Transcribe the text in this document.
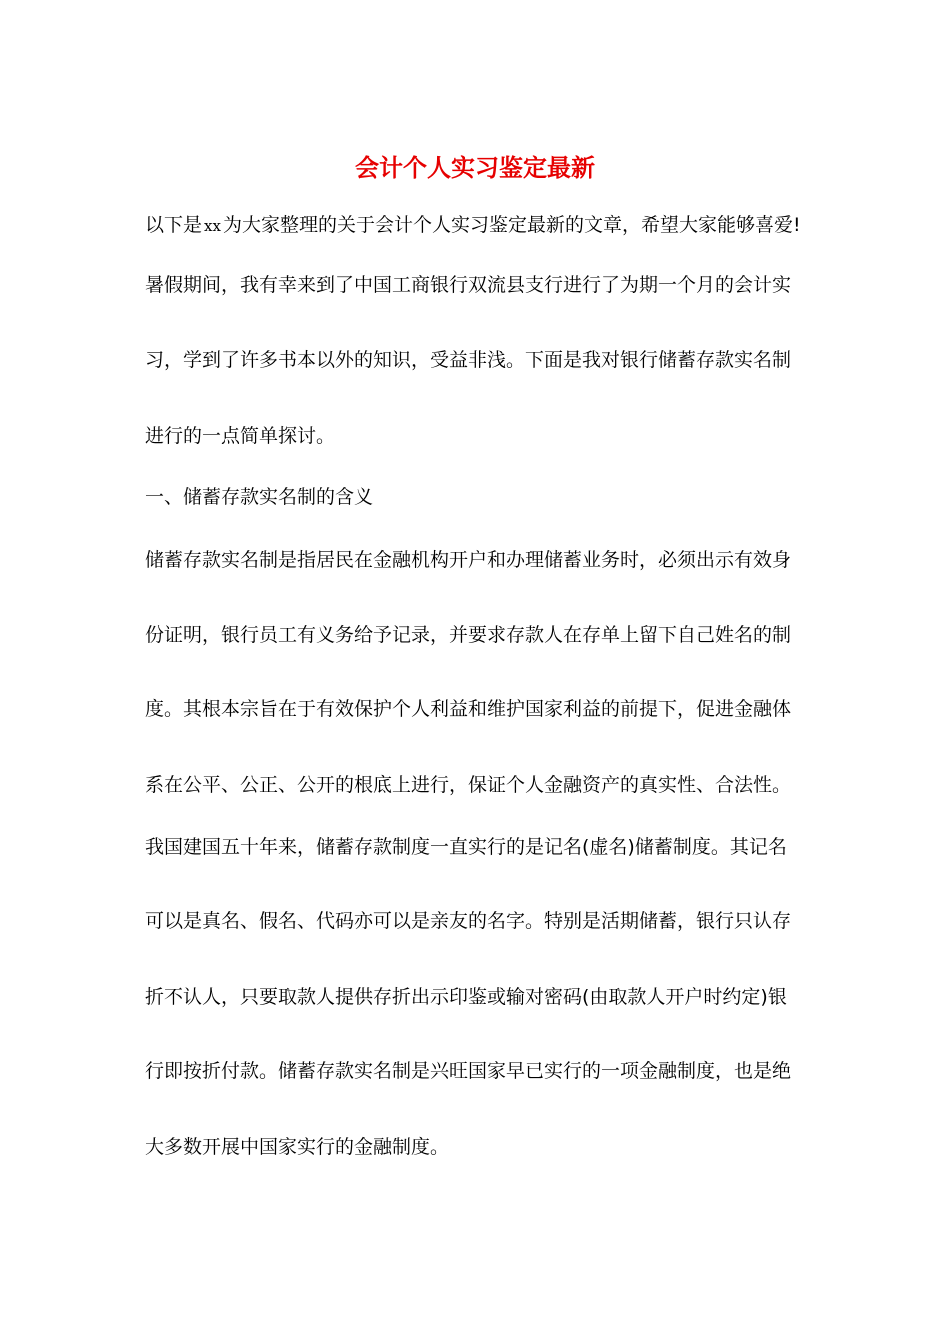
会计个人实习鉴定最新
以下是 xx 为大家整理的关于会计个人实习鉴定最新的文章，希望大家能够喜爱!
暑假期间，我有幸来到了中国工商银行双流县支行进行了为期一个月的会计实
习，学到了许多书本以外的知识，受益非浅。下面是我对银行储蓄存款实名制
进行的一点简单探讨。
一、储蓄存款实名制的含义
储蓄存款实名制是指居民在金融机构开户和办理储蓄业务时，必须出示有效身
份证明，银行员工有义务给予记录，并要求存款人在存单上留下自己姓名的制
度。其根本宗旨在于有效保护个人利益和维护国家利益的前提下，促进金融体
系在公平、公正、公开的根底上进行，保证个人金融资产的真实性、合法性。
我国建国五十年来，储蓄存款制度一直实行的是记名(虚名)储蓄制度。其记名
可以是真名、假名、代码亦可以是亲友的名字。特别是活期储蓄，银行只认存
折不认人，只要取款人提供存折出示印鉴或输对密码(由取款人开户时约定)银
行即按折付款。储蓄存款实名制是兴旺国家早已实行的一项金融制度，也是绝
大多数开展中国家实行的金融制度。
